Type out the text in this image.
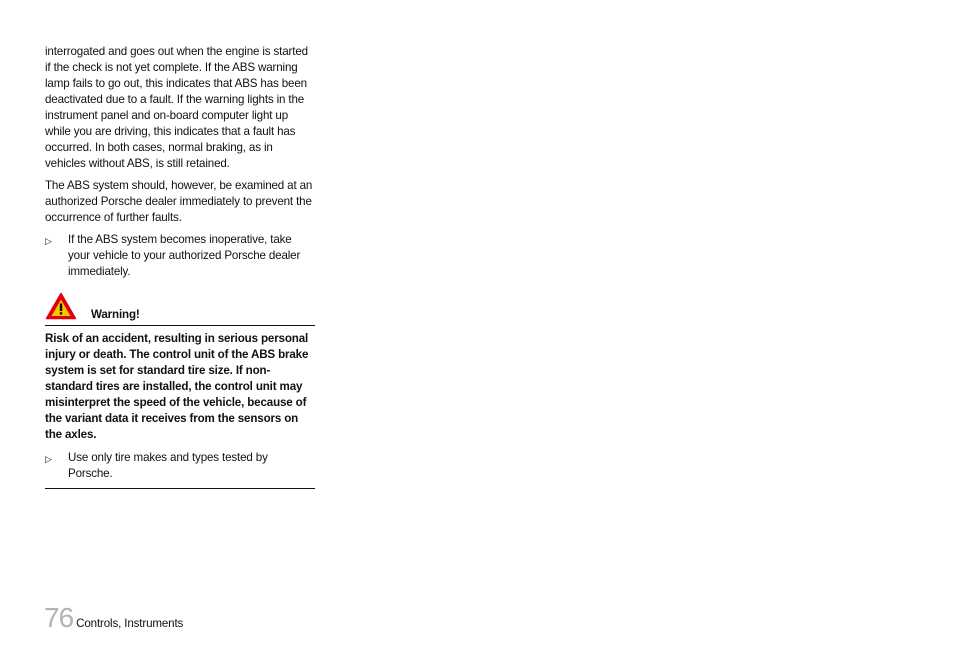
interrogated and goes out when the engine is started if the check is not yet complete. If the ABS warning lamp fails to go out, this indicates that ABS has been deactivated due to a fault. If the warning lights in the instrument panel and on-board computer light up while you are driving, this indicates that a fault has occurred. In both cases, normal braking, as in vehicles without ABS, is still retained.

The ABS system should, however, be examined at an authorized Porsche dealer immediately to prevent the occurrence of further faults.

▷	If the ABS system becomes inoperative, take your vehicle to your authorized Porsche dealer immediately.
Warning!

Risk of an accident, resulting in serious personal injury or death. The control unit of the ABS brake system is set for standard tire size. If non-standard tires are installed, the control unit may misinterpret the speed of the vehicle, because of the variant data it receives from the sensors on the axles.

▷	Use only tire makes and types tested by Porsche.
76 Controls, Instruments
